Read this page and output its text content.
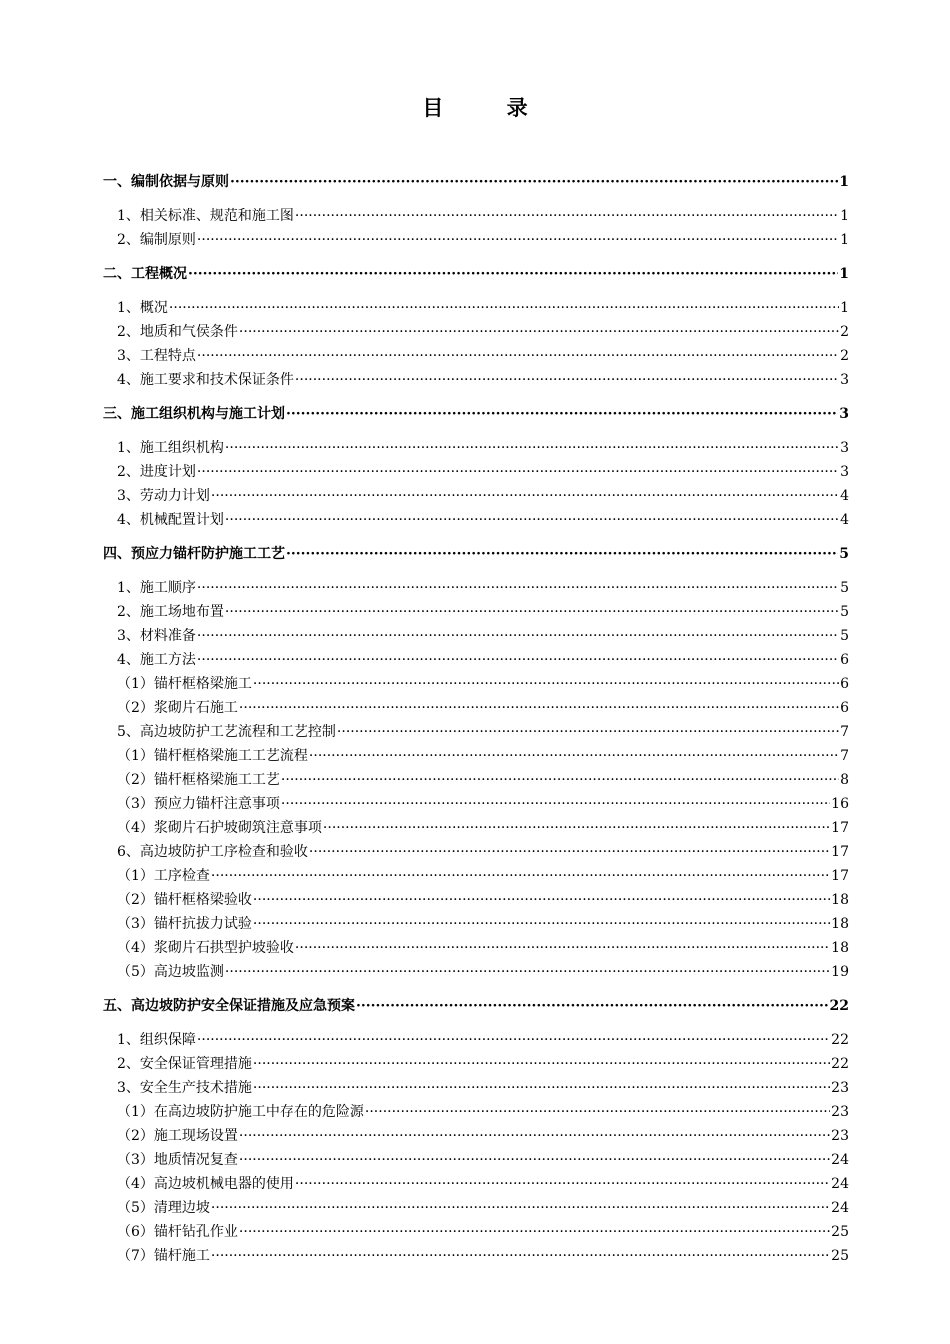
目 录
一、编制依据与原则 ·····	1
1、相关标准、规范和施工图 ·····	1
2、编制原则 ·····	1
二、工程概况 ·····	1
1、概况 ·····	1
2、地质和气侯条件 ·····	2
3、工程特点 ·····	2
4、施工要求和技术保证条件 ·····	3
三、施工组织机构与施工计划 ·····	3
1、施工组织机构 ·····	3
2、进度计划 ·····	3
3、劳动力计划 ·····	4
4、机械配置计划 ·····	4
四、预应力锚杆防护施工工艺 ·····	5
1、施工顺序 ·····	5
2、施工场地布置 ·····	5
3、材料准备 ·····	5
4、施工方法 ·····	6
（1）锚杆框格梁施工 ·····	6
（2）浆砌片石施工 ·····	6
5、高边坡防护工艺流程和工艺控制 ·····	7
（1）锚杆框格梁施工工艺流程 ·····	7
（2）锚杆框格梁施工工艺 ·····	8
（3）预应力锚杆注意事项 ·····	16
（4）浆砌片石护坡砌筑注意事项 ·····	17
6、高边坡防护工序检查和验收 ·····	17
（1）工序检查 ·····	17
（2）锚杆框格梁验收 ·····	18
（3）锚杆抗拔力试验 ·····	18
（4）浆砌片石拱型护坡验收 ·····	18
（5）高边坡监测 ·····	19
五、高边坡防护安全保证措施及应急预案 ·····	22
1、组织保障 ·····	22
2、安全保证管理措施 ·····	22
3、安全生产技术措施 ·····	23
（1）在高边坡防护施工中存在的危险源 ·····	23
（2）施工现场设置 ·····	23
（3）地质情况复查 ·····	24
（4）高边坡机械电器的使用 ·····	24
（5）清理边坡 ·····	24
（6）锚杆钻孔作业 ·····	25
（7）锚杆施工 ·····	25
